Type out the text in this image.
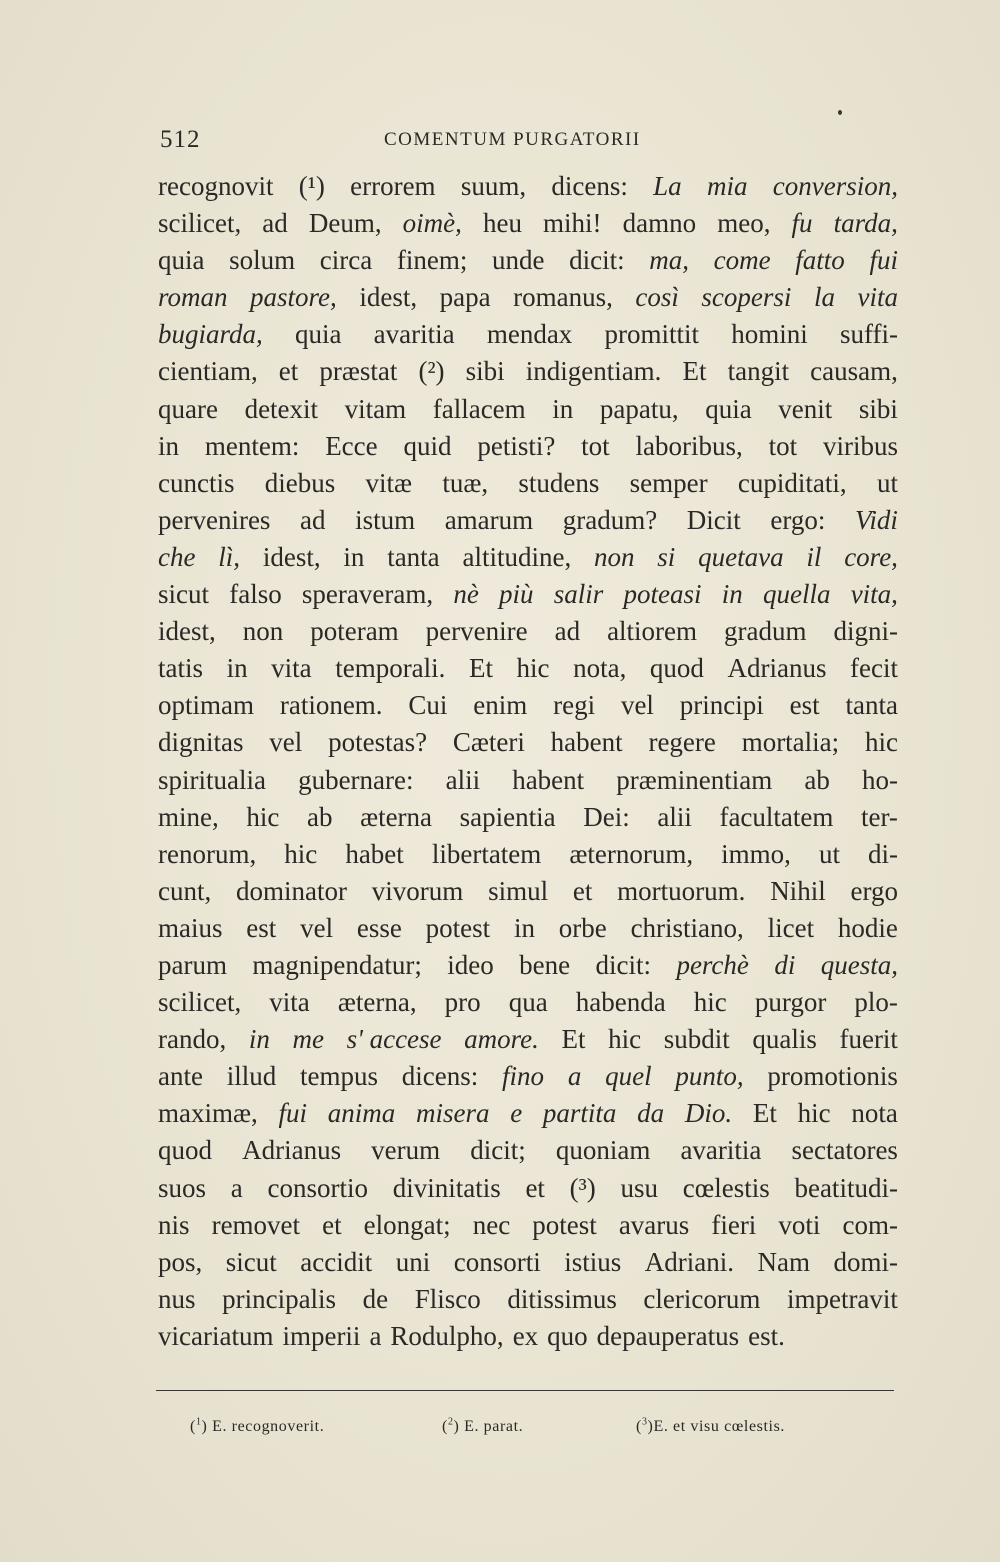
512	COMENTUM PURGATORII
recognovit (¹) errorem suum, dicens: La mia conversion,
scilicet, ad Deum, oimè, heu mihi! damno meo, fu tarda,
quia solum circa finem; unde dicit: ma, come fatto fui
roman pastore, idest, papa romanus, così scopersi la vita
bugiarda, quia avaritia mendax promittit homini suffi-
cientiam, et præstat (²) sibi indigentiam. Et tangit causam,
quare detexit vitam fallacem in papatu, quia venit sibi
in mentem: Ecce quid petisti? tot laboribus, tot viribus
cunctis diebus vitæ tuæ, studens semper cupiditati, ut
pervenires ad istum amarum gradum? Dicit ergo: Vidi
che lì, idest, in tanta altitudine, non si quetava il core,
sicut falso speraveram, nè più salir poteasi in quella vita,
idest, non poteram pervenire ad altiorem gradum digni-
tatis in vita temporali. Et hic nota, quod Adrianus fecit
optimam rationem. Cui enim regi vel principi est tanta
dignitas vel potestas? Cæteri habent regere mortalia; hic
spiritualia gubernare: alii habent præminentiam ab ho-
mine, hic ab æterna sapientia Dei: alii facultatem ter-
renorum, hic habet libertatem æternorum, immo, ut di-
cunt, dominator vivorum simul et mortuorum. Nihil ergo
maius est vel esse potest in orbe christiano, licet hodie
parum magnipendatur; ideo bene dicit: perchè di questa,
scilicet, vita æterna, pro qua habenda hic purgor plo-
rando, in me s' accese amore. Et hic subdit qualis fuerit
ante illud tempus dicens: fino a quel punto, promotionis
maximæ, fui anima misera e partita da Dio. Et hic nota
quod Adrianus verum dicit; quoniam avaritia sectatores
suos a consortio divinitatis et (³) usu cœlestis beatitudi-
nis removet et elongat; nec potest avarus fieri voti com-
pos, sicut accidit uni consorti istius Adriani. Nam domi-
nus principalis de Flisco ditissimus clericorum impetravit
vicariatum imperii a Rodulpho, ex quo depauperatus est.
($^1$) E. recognoverit.	($^2$) E. parat.	($^3$)E. et visu cœlestis.
